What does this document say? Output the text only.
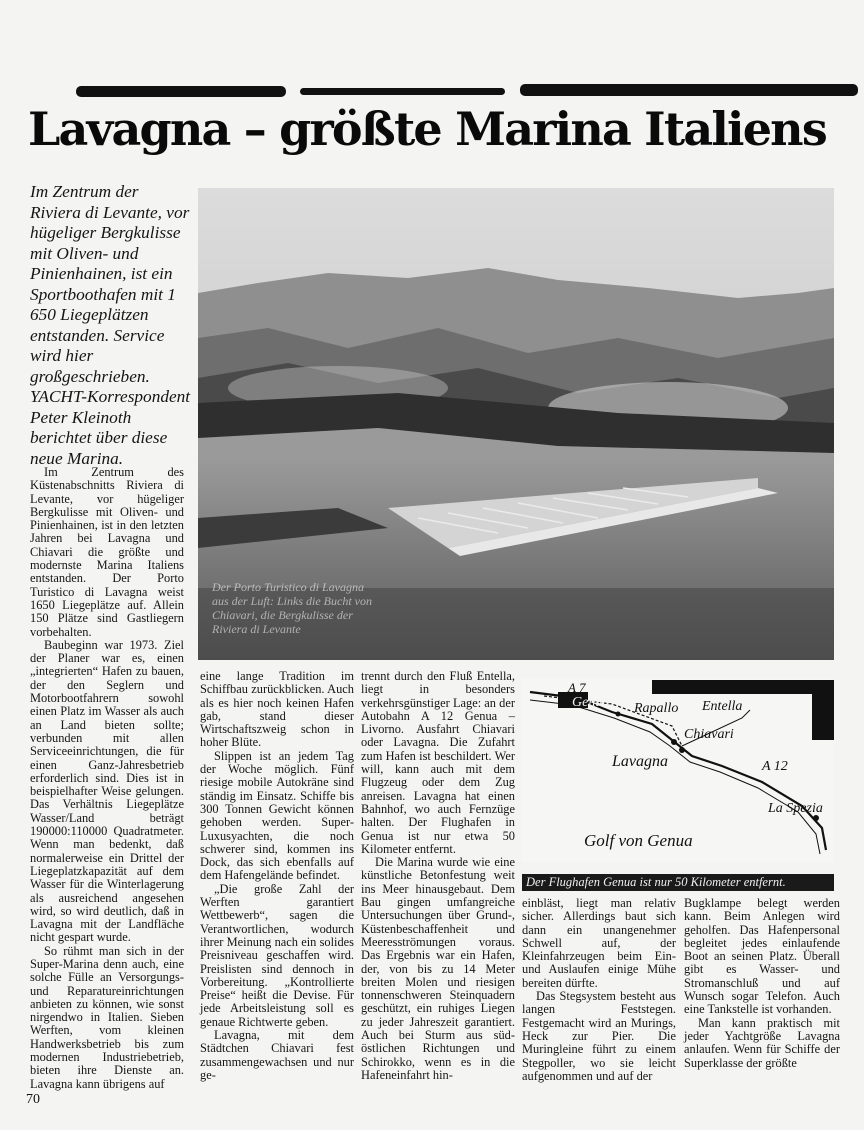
Lavagna – größte Marina Italiens

Im Zentrum der Riviera di Levante, vor hügeliger Bergkulisse mit Oliven- und Pinienhainen, ist ein Sportboothafen mit 1 650 Liegeplätzen entstanden. Service wird hier großgeschrieben. YACHT-Korrespondent Peter Kleinoth berichtet über diese neue Marina.

Im Zentrum des Küstenabschnitts Riviera di Levante, vor hügeliger Bergkulisse mit Oliven- und Pinienhainen, ist in den letzten Jahren bei Lavagna und Chiavari die größte und modernste Marina Italiens entstanden. Der Porto Turistico di Lavagna weist 1650 Liegeplätze auf. Allein 150 Plätze sind Gastliegern vorbehalten.

Baubeginn war 1973. Ziel der Planer war es, einen „integrierten“ Hafen zu bauen, der den Seglern und Motorbootfahrern sowohl einen Platz im Wasser als auch an Land bieten sollte; verbunden mit allen Serviceeinrichtungen, die für einen Ganz-Jahresbetrieb erforderlich sind. Dies ist in beispielhafter Weise gelungen. Das Verhältnis Liegeplätze Wasser/Land beträgt 190000:110000 Quadratmeter. Wenn man bedenkt, daß normalerweise ein Drittel der Liegeplatzkapazität auf dem Wasser für die Winterlagerung als ausreichend angesehen wird, so wird deutlich, daß in Lavagna mit der Landfläche nicht gespart wurde.

So rühmt man sich in der Super-Marina denn auch, eine solche Fülle an Versorgungs- und Reparatureinrichtungen anbieten zu können, wie sonst nirgendwo in Italien. Sieben Werften, vom kleinen Handwerksbetrieb bis zum modernen Industriebetrieb, bieten ihre Dienste an. Lavagna kann übrigens auf

Der Porto Turistico di Lavagna aus der Luft: Links die Bucht von Chiavari, die Bergkulisse der Riviera di Levante

eine lange Tradition im Schiffbau zurückblicken. Auch als es hier noch keinen Hafen gab, stand dieser Wirtschaftszweig schon in hoher Blüte.

Slippen ist an jedem Tag der Woche möglich. Fünf riesige mobile Autokräne sind ständig im Einsatz. Schiffe bis 300 Tonnen Gewicht können gehoben werden. Super-Luxusyachten, die noch schwerer sind, kommen ins Dock, das sich ebenfalls auf dem Hafengelände befindet.

„Die große Zahl der Werften garantiert Wettbewerb“, sagen die Verantwortlichen, wodurch ihrer Meinung nach ein solides Preisniveau geschaffen wird. Preislisten sind dennoch in Vorbereitung. „Kontrollierte Preise“ heißt die Devise. Für jede Arbeitsleistung soll es genaue Richtwerte geben.

Lavagna, mit dem Städtchen Chiavari fest zusammengewachsen und nur ge-

trennt durch den Fluß Entella, liegt in besonders verkehrsgünstiger Lage: an der Autobahn A 12 Genua – Livorno. Ausfahrt Chiavari oder Lavagna. Die Zufahrt zum Hafen ist beschildert. Wer will, kann auch mit dem Flugzeug oder dem Zug anreisen. Lavagna hat einen Bahnhof, wo auch Fernzüge halten. Der Flughafen in Genua ist nur etwa 50 Kilometer entfernt.

Die Marina wurde wie eine künstliche Betonfestung weit ins Meer hinausgebaut. Dem Bau gingen umfangreiche Untersuchungen über Grund-, Küstenbeschaffenheit und Meeresströmungen voraus. Das Ergebnis war ein Hafen, der, von bis zu 14 Meter breiten Molen und riesigen tonnenschweren Steinquadern geschützt, ein ruhiges Liegen zu jeder Jahreszeit garantiert. Auch bei Sturm aus süd-östlichen Richtungen und Schirokko, wenn es in die Hafeneinfahrt hin-

A 7
Genua Rapallo Entella
Chiavari
Lavagna	A 12
La Spezia
Golf von Genua
Der Flughafen Genua ist nur 50 Kilometer entfernt.

einbläst, liegt man relativ sicher. Allerdings baut sich dann ein unangenehmer Schwell auf, der Kleinfahrzeugen beim Ein- und Auslaufen einige Mühe bereiten dürfte.

Das Stegsystem besteht aus langen Feststegen. Festgemacht wird an Murings, Heck zur Pier. Die Muringleine führt zu einem Stegpoller, wo sie leicht aufgenommen und auf der

Bugklampe belegt werden kann. Beim Anlegen wird geholfen. Das Hafenpersonal begleitet jedes einlaufende Boot an seinen Platz. Überall gibt es Wasser- und Stromanschluß und auf Wunsch sogar Telefon. Auch eine Tankstelle ist vorhanden.

Man kann praktisch mit jeder Yachtgröße Lavagna anlaufen. Wenn für Schiffe der Superklasse der größte

70
